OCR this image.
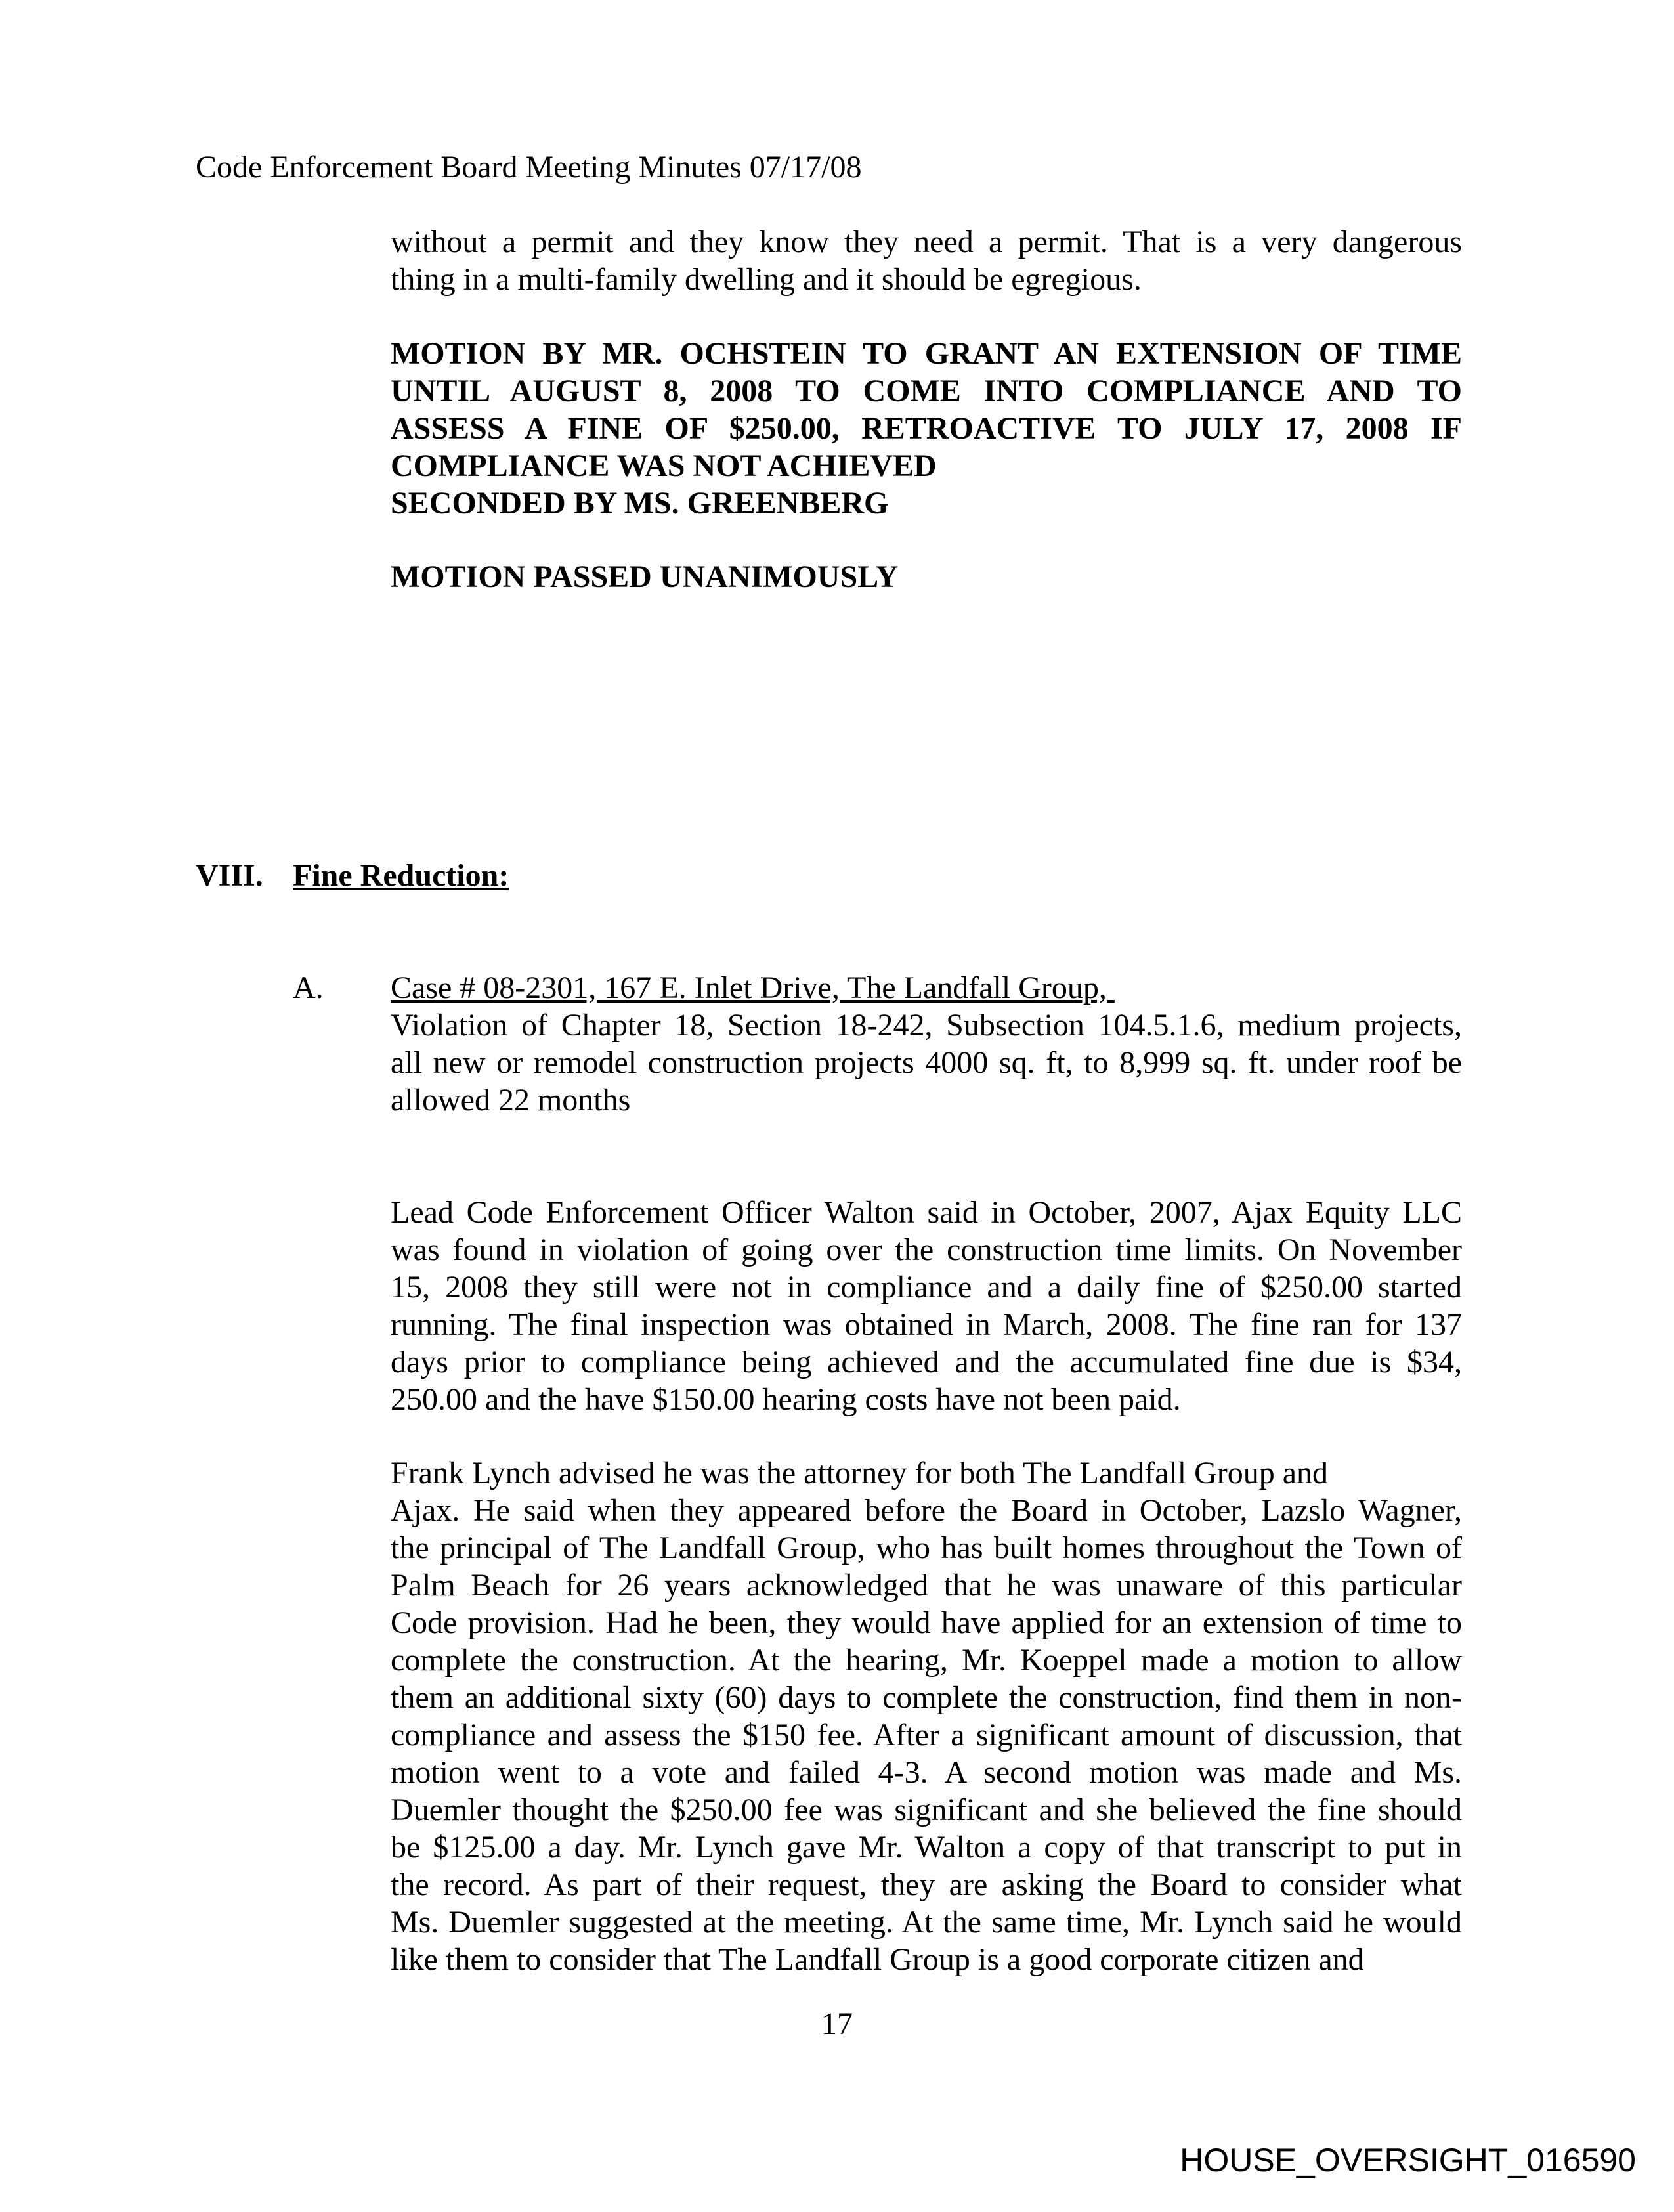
Code Enforcement Board Meeting Minutes 07/17/08
without a permit and they know they need a permit. That is a very dangerous
thing in a multi-family dwelling and it should be egregious.
MOTION BY MR. OCHSTEIN TO GRANT AN EXTENSION OF TIME
UNTIL AUGUST 8, 2008 TO COME INTO COMPLIANCE AND TO
ASSESS A FINE OF $250.00, RETROACTIVE TO JULY 17, 2008 IF
COMPLIANCE WAS NOT ACHIEVED
SECONDED BY MS. GREENBERG
MOTION PASSED UNANIMOUSLY
VIII. Fine Reduction:
A. Case # 08-2301, 167 E. Inlet Drive, The Landfall Group,
Violation of Chapter 18, Section 18-242, Subsection 104.5.1.6, medium projects,
all new or remodel construction projects 4000 sq. ft, to 8,999 sq. ft. under roof be
allowed 22 months
Lead Code Enforcement Officer Walton said in October, 2007, Ajax Equity LLC
was found in violation of going over the construction time limits. On November
15, 2008 they still were not in compliance and a daily fine of $250.00 started
running. The final inspection was obtained in March, 2008. The fine ran for 137
days prior to compliance being achieved and the accumulated fine due is $34,
250.00 and the have $150.00 hearing costs have not been paid.
Frank Lynch advised he was the attorney for both The Landfall Group and
Ajax. He said when they appeared before the Board in October, Lazslo Wagner,
the principal of The Landfall Group, who has built homes throughout the Town of
Palm Beach for 26 years acknowledged that he was unaware of this particular
Code provision. Had he been, they would have applied for an extension of time to
complete the construction. At the hearing, Mr. Koeppel made a motion to allow
them an additional sixty (60) days to complete the construction, find them in non-
compliance and assess the $150 fee. After a significant amount of discussion, that
motion went to a vote and failed 4-3. A second motion was made and Ms.
Duemler thought the $250.00 fee was significant and she believed the fine should
be $125.00 a day. Mr. Lynch gave Mr. Walton a copy of that transcript to put in
the record. As part of their request, they are asking the Board to consider what
Ms. Duemler suggested at the meeting. At the same time, Mr. Lynch said he would
like them to consider that The Landfall Group is a good corporate citizen and
17
HOUSE_OVERSIGHT_016590
